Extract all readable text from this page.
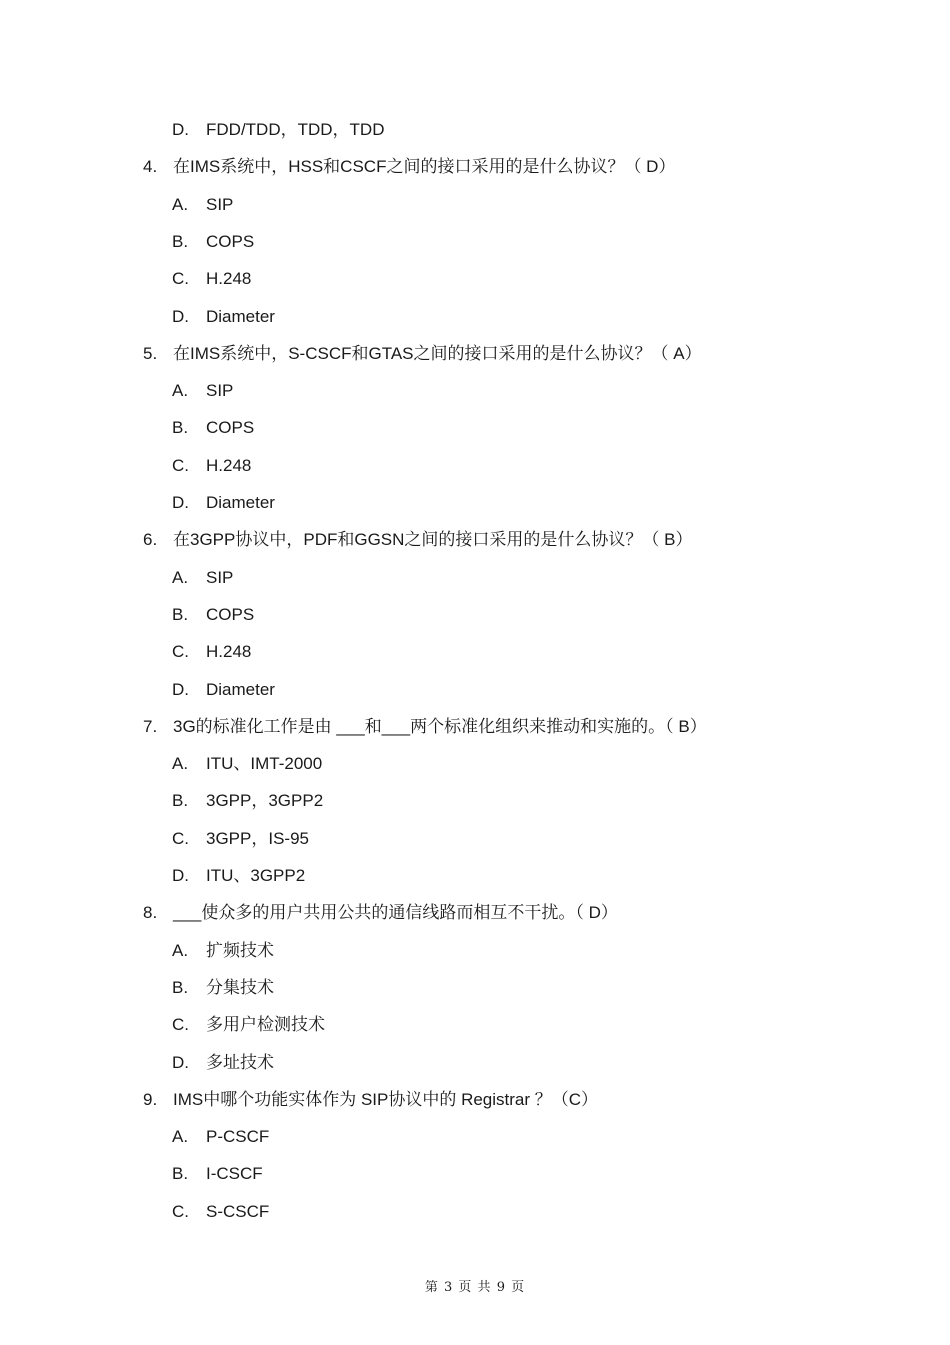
D. FDD/TDD，TDD，TDD
4. 在IMS系统中，HSS和CSCF之间的接口采用的是什么协议？（ D）
A. SIP
B. COPS
C. H.248
D. Diameter
5. 在IMS系统中，S-CSCF和GTAS之间的接口采用的是什么协议？（ A）
A. SIP
B. COPS
C. H.248
D. Diameter
6. 在3GPP协议中，PDF和GGSN之间的接口采用的是什么协议？（ B）
A. SIP
B. COPS
C. H.248
D. Diameter
7. 3G的标准化工作是由 ___和___两个标准化组织来推动和实施的。（ B）
A. ITU、IMT-2000
B. 3GPP，3GPP2
C. 3GPP，IS-95
D. ITU、3GPP2
8. ___使众多的用户共用公共的通信线路而相互不干扰。（ D）
A. 扩频技术
B. 分集技术
C. 多用户检测技术
D. 多址技术
9. IMS中哪个功能实体作为 SIP协议中的 Registrar ？（C）
A. P-CSCF
B. I-CSCF
C. S-CSCF
第 3 页 共 9 页
